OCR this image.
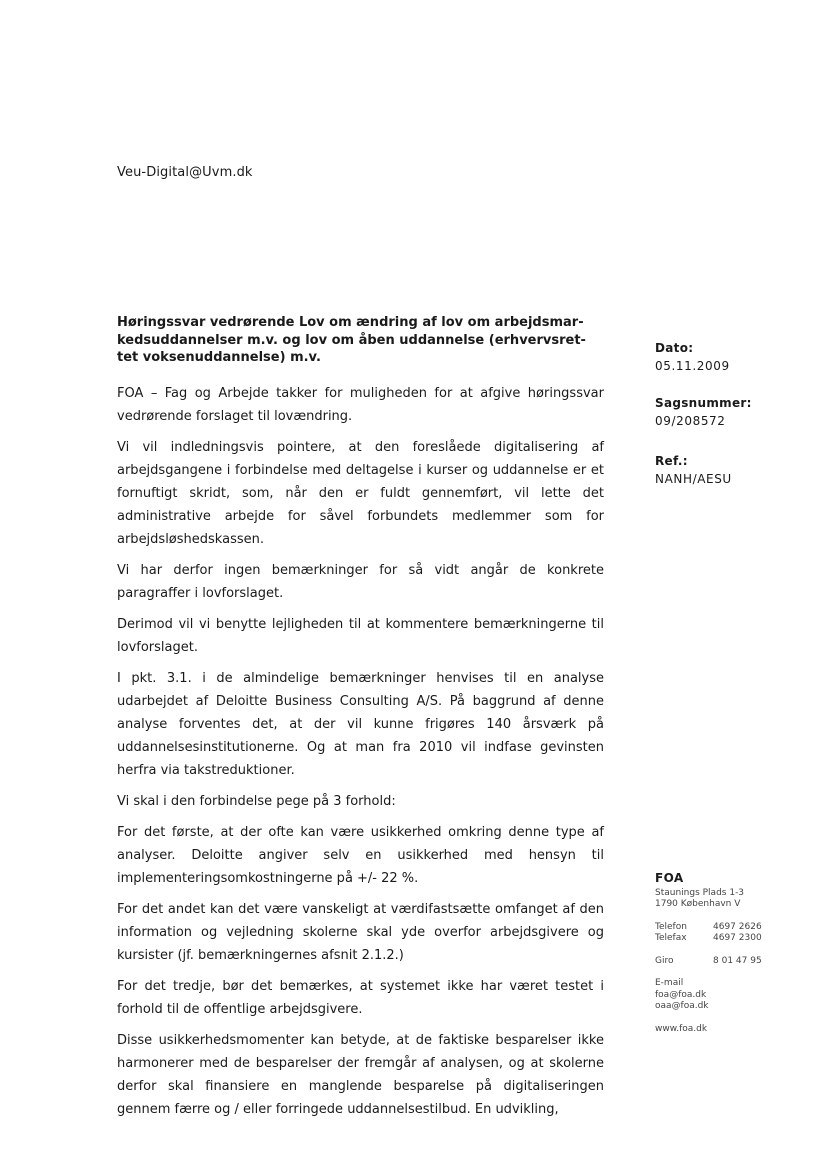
Veu-Digital@Uvm.dk
Høringssvar vedrørende Lov om ændring af lov om arbejdsmar-
kedsuddannelser m.v. og lov om åben uddannelse (erhvervsret-
tet voksenuddannelse) m.v.

FOA – Fag og Arbejde takker for muligheden for at afgive høringssvar vedrørende forslaget til lovændring.

Vi vil indledningsvis pointere, at den foreslåede digitalisering af arbejdsgangene i forbindelse med deltagelse i kurser og uddannelse er et fornuftigt skridt, som, når den er fuldt gennemført, vil lette det administrative arbejde for såvel forbundets medlemmer som for arbejdsløshedskassen.

Vi har derfor ingen bemærkninger for så vidt angår de konkrete paragraffer i lovforslaget.

Derimod vil vi benytte lejligheden til at kommentere bemærkningerne til lovforslaget.

I pkt. 3.1. i de almindelige bemærkninger henvises til en analyse udarbejdet af Deloitte Business Consulting A/S. På baggrund af denne analyse forventes det, at der vil kunne frigøres 140 årsværk på uddannelsesinstitutionerne. Og at man fra 2010 vil indfase gevinsten herfra via takstreduktioner.

Vi skal i den forbindelse pege på 3 forhold:

For det første, at der ofte kan være usikkerhed omkring denne type af analyser. Deloitte angiver selv en usikkerhed med hensyn til implementeringsomkostningerne på +/- 22 %.

For det andet kan det være vanskeligt at værdifastsætte omfanget af den information og vejledning skolerne skal yde overfor arbejdsgivere og kursister (jf. bemærkningernes afsnit 2.1.2.)

For det tredje, bør det bemærkes, at systemet ikke har været testet i forhold til de offentlige arbejdsgivere.

Disse usikkerhedsmomenter kan betyde, at de faktiske besparelser ikke harmonerer med de besparelser der fremgår af analysen, og at skolerne derfor skal finansiere en manglende besparelse på digitaliseringen gennem færre og / eller forringede uddannelsestilbud. En udvikling,

Dato:
05.11.2009
Sagsnummer:
09/208572
Ref.:
NANH/AESU
FOA
Staunings Plads 1-3
1790 København V
Telefon	4697 2626
Telefax	4697 2300
Giro	8 01 47 95
E-mail
foa@foa.dk
oaa@foa.dk
www.foa.dk
